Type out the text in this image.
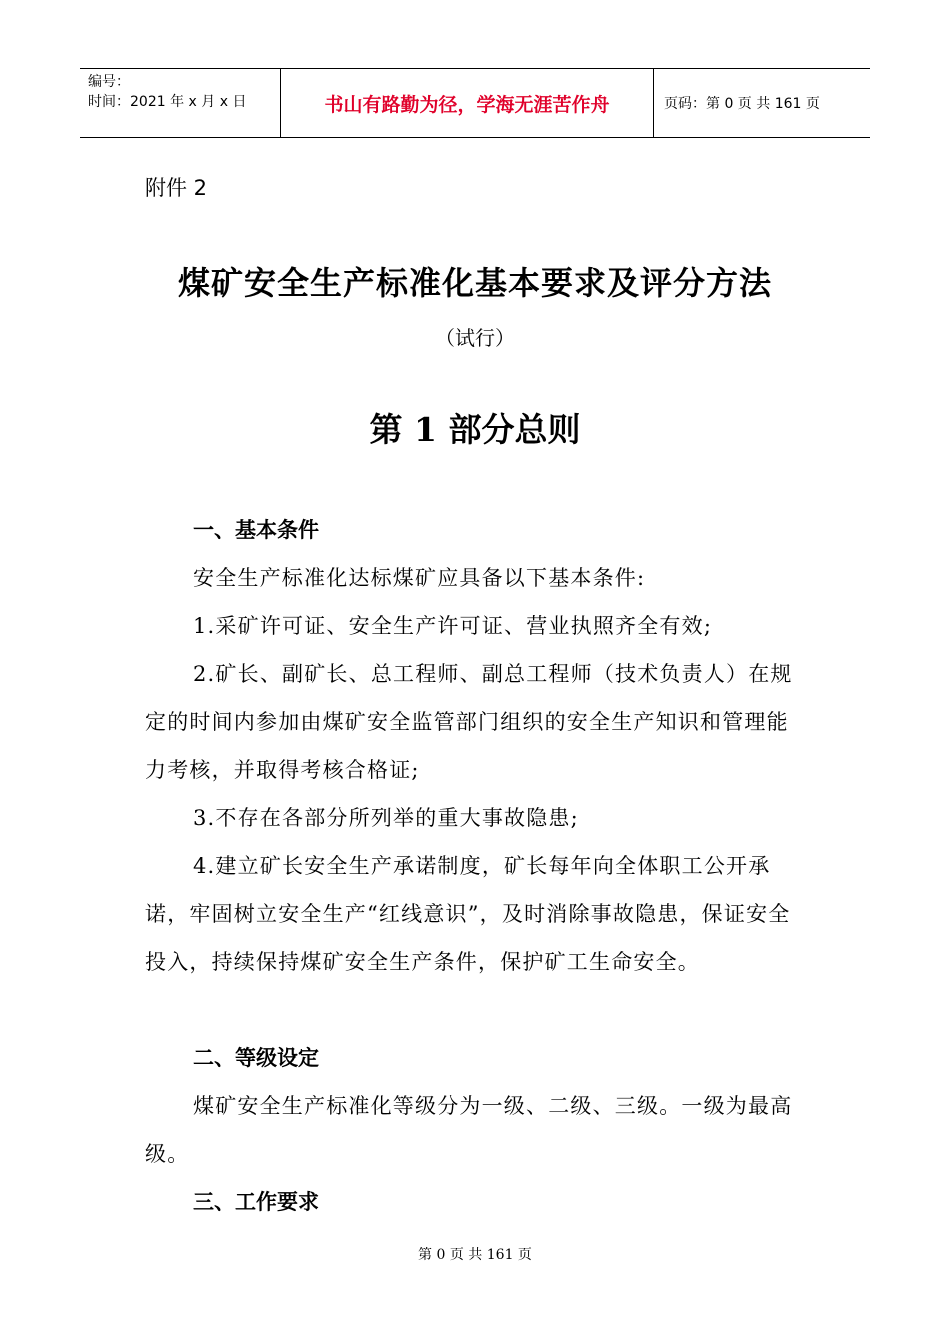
编号：
时间：2021 年 x 月 x 日	书山有路勤为径，学海无涯苦作舟	页码：第 0 页 共 161 页
附件 2
煤矿安全生产标准化基本要求及评分方法
（试行）
第 1 部分总则
一、基本条件

安全生产标准化达标煤矿应具备以下基本条件:

1.采矿许可证、安全生产许可证、营业执照齐全有效;

2.矿长、副矿长、总工程师、副总工程师（技术负责人）在规定的时间内参加由煤矿安全监管部门组织的安全生产知识和管理能力考核，并取得考核合格证;

3.不存在各部分所列举的重大事故隐患;

4.建立矿长安全生产承诺制度，矿长每年向全体职工公开承诺，牢固树立安全生产“红线意识”，及时消除事故隐患，保证安全投入，持续保持煤矿安全生产条件，保护矿工生命安全。

二、等级设定

煤矿安全生产标准化等级分为一级、二级、三级。一级为最高级。

三、工作要求
第 0 页 共 161 页
